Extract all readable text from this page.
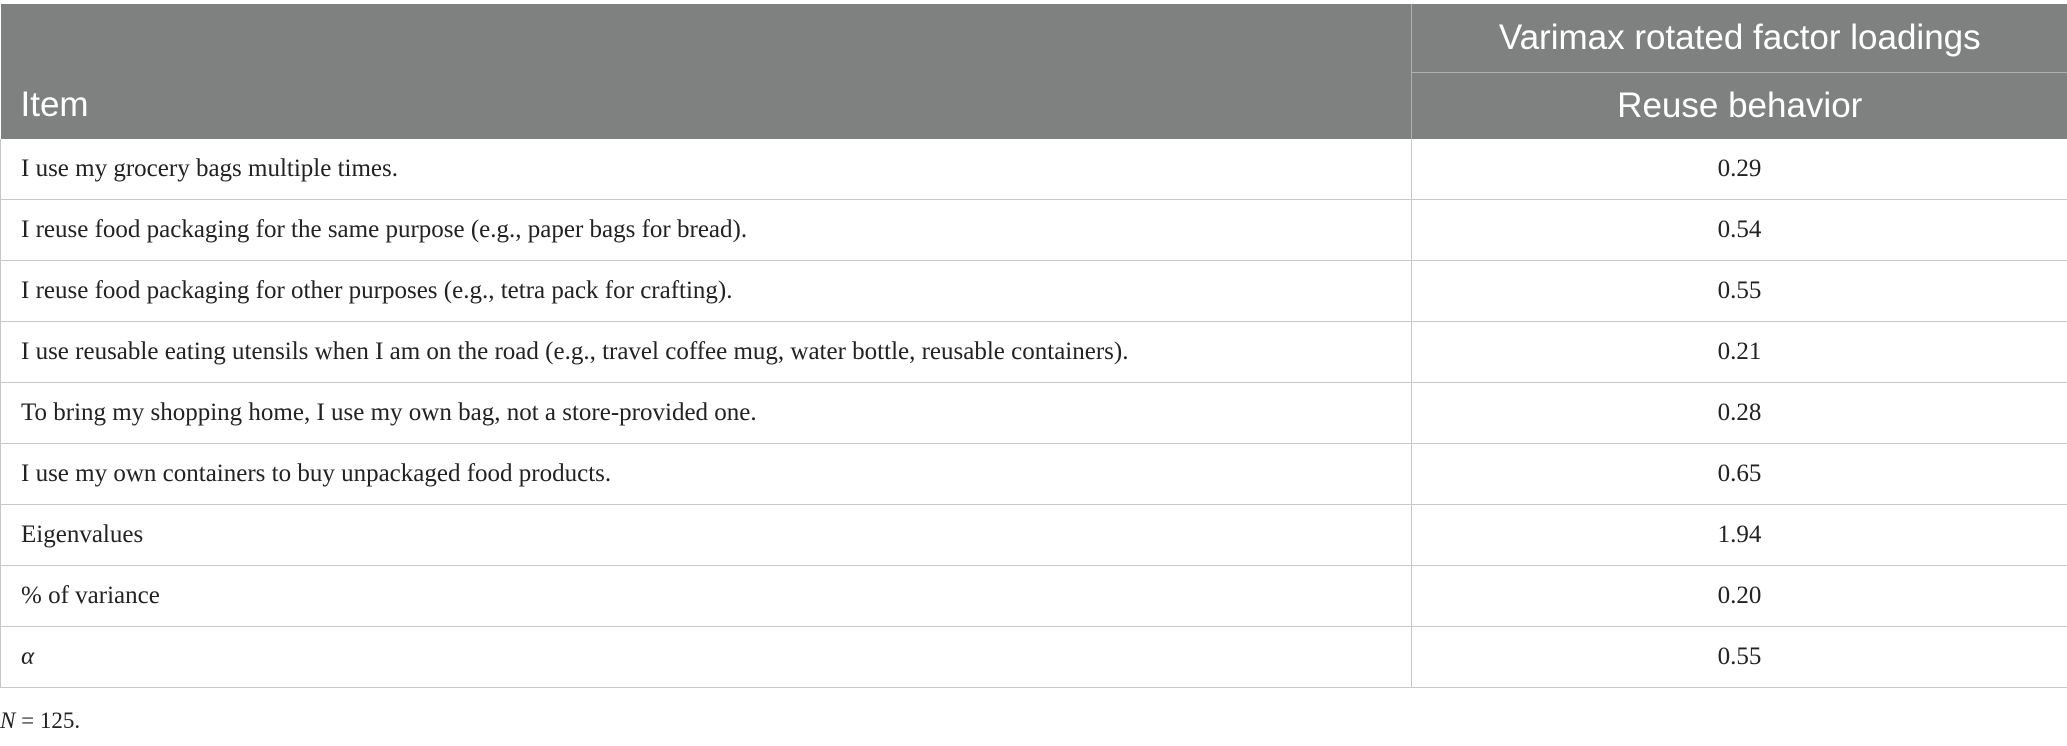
Item	Varimax rotated factor loadings
	Reuse behavior
I use my grocery bags multiple times.	0.29
I reuse food packaging for the same purpose (e.g., paper bags for bread).	0.54
I reuse food packaging for other purposes (e.g., tetra pack for crafting).	0.55
I use reusable eating utensils when I am on the road (e.g., travel coffee mug, water bottle, reusable containers).	0.21
To bring my shopping home, I use my own bag, not a store-provided one.	0.28
I use my own containers to buy unpackaged food products.	0.65
Eigenvalues	1.94
% of variance	0.20
α	0.55
N = 125.
